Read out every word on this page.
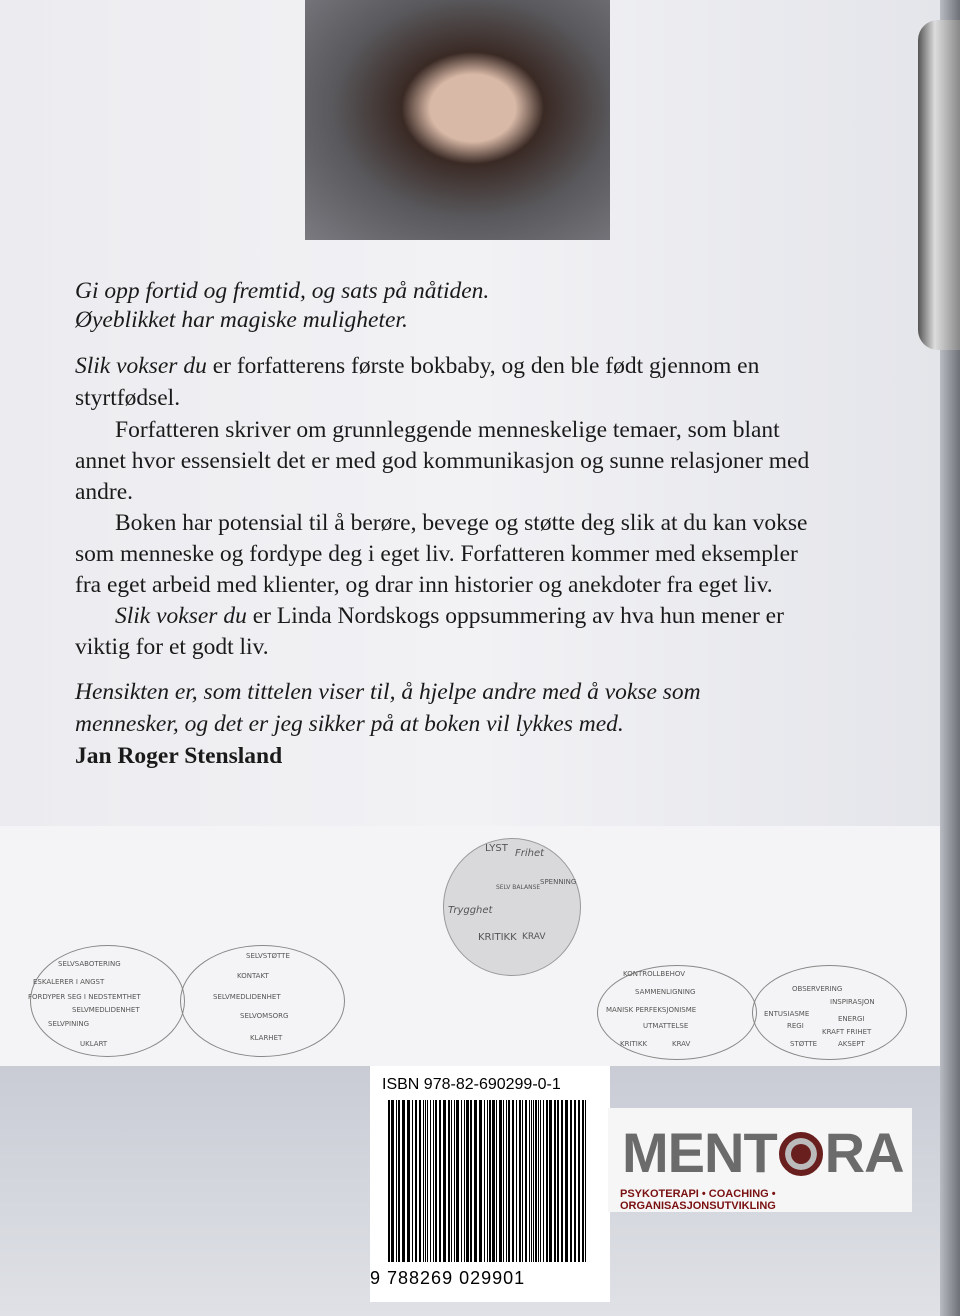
Gi opp fortid og fremtid, og sats på nåtiden.
Øyeblikket har magiske muligheter.
Slik vokser du er forfatterens første bokbaby, og den ble født gjennom en
styrtfødsel.
Forfatteren skriver om grunnleggende menneskelige temaer, som blant
annet hvor essensielt det er med god kommunikasjon og sunne relasjoner med
andre.
Boken har potensial til å berøre, bevege og støtte deg slik at du kan vokse
som menneske og fordype deg i eget liv. Forfatteren kommer med eksempler
fra eget arbeid med klienter, og drar inn historier og anekdoter fra eget liv.
Slik vokser du er Linda Nordskogs oppsummering av hva hun mener er
viktig for et godt liv.
Hensikten er, som tittelen viser til, å hjelpe andre med å vokse som
mennesker, og det er jeg sikker på at boken vil lykkes med.
Jan Roger Stensland
SELVSABOTERING
ESKALERER I ANGST
FORDYPER SEG I NEDSTEMTHET
SELVMEDLIDENHET
SELVPINING
UKLART
SELVSTØTTE
KONTAKT
SELVMEDLIDENHET
SELVOMSORG
KLARHET
LYST Frihet
SPENNING
Trygghet
KRITIKK KRAV
SELV BALANSE
KONTROLLBEHOV
SAMMENLIGNING
MANISK PERFEKSJONISME
UTMATTELSE
KRITIKK	KRAV
OBSERVERING
INSPIRASJON
ENTUSIASME
ENERGI
REGI
KRAFT FRIHET
STØTTE	AKSEPT
ISBN 978-82-690299-0-1
9 788269 029901
MENT RA
PSYKOTERAPI • COACHING • ORGANISASJONSUTVIKLING
